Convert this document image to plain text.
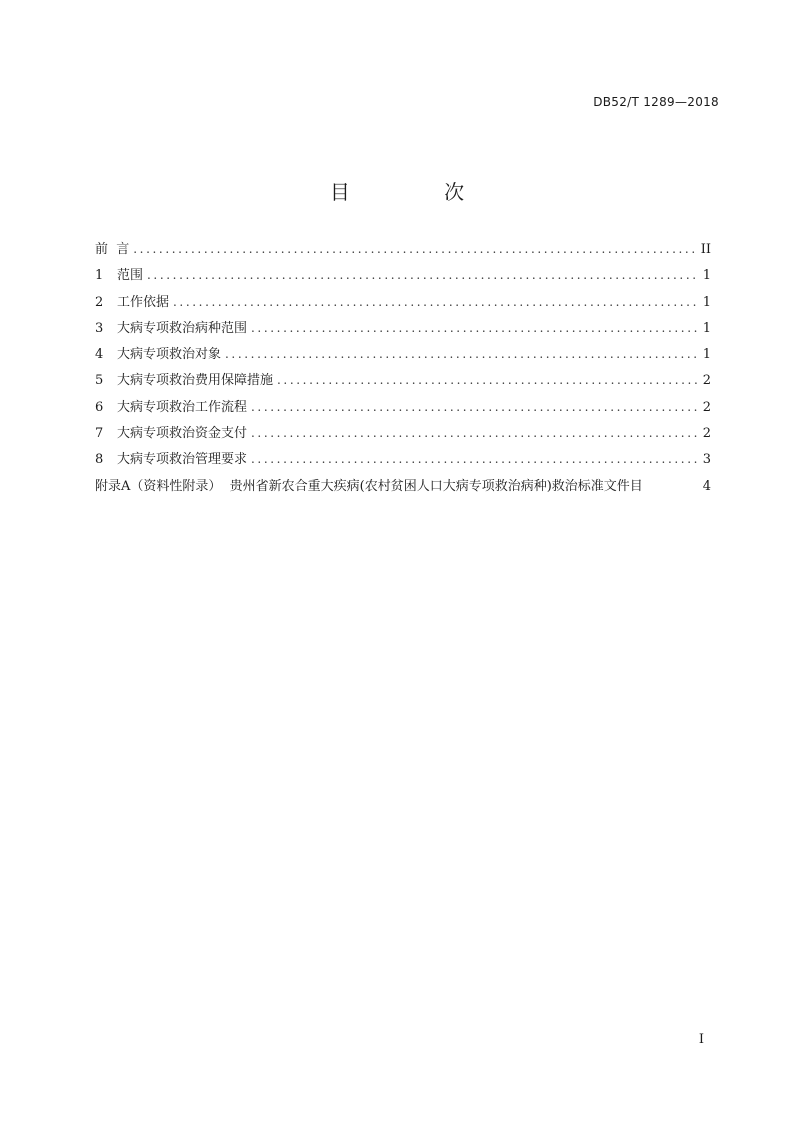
DB52/T 1289—2018
目 次
前  言 .....	II
1	范围 .....	1
2	工作依据 .....	1
3	大病专项救治病种范围 .....	1
4	大病专项救治对象 .....	1
5	大病专项救治费用保障措施 .....	2
6	大病专项救治工作流程 .....	2
7	大病专项救治资金支付 .....	2
8	大病专项救治管理要求 .....	3
附录A（资料性附录）  贵州省新农合重大疾病(农村贫困人口大病专项救治病种)救治标准文件目	4
I
